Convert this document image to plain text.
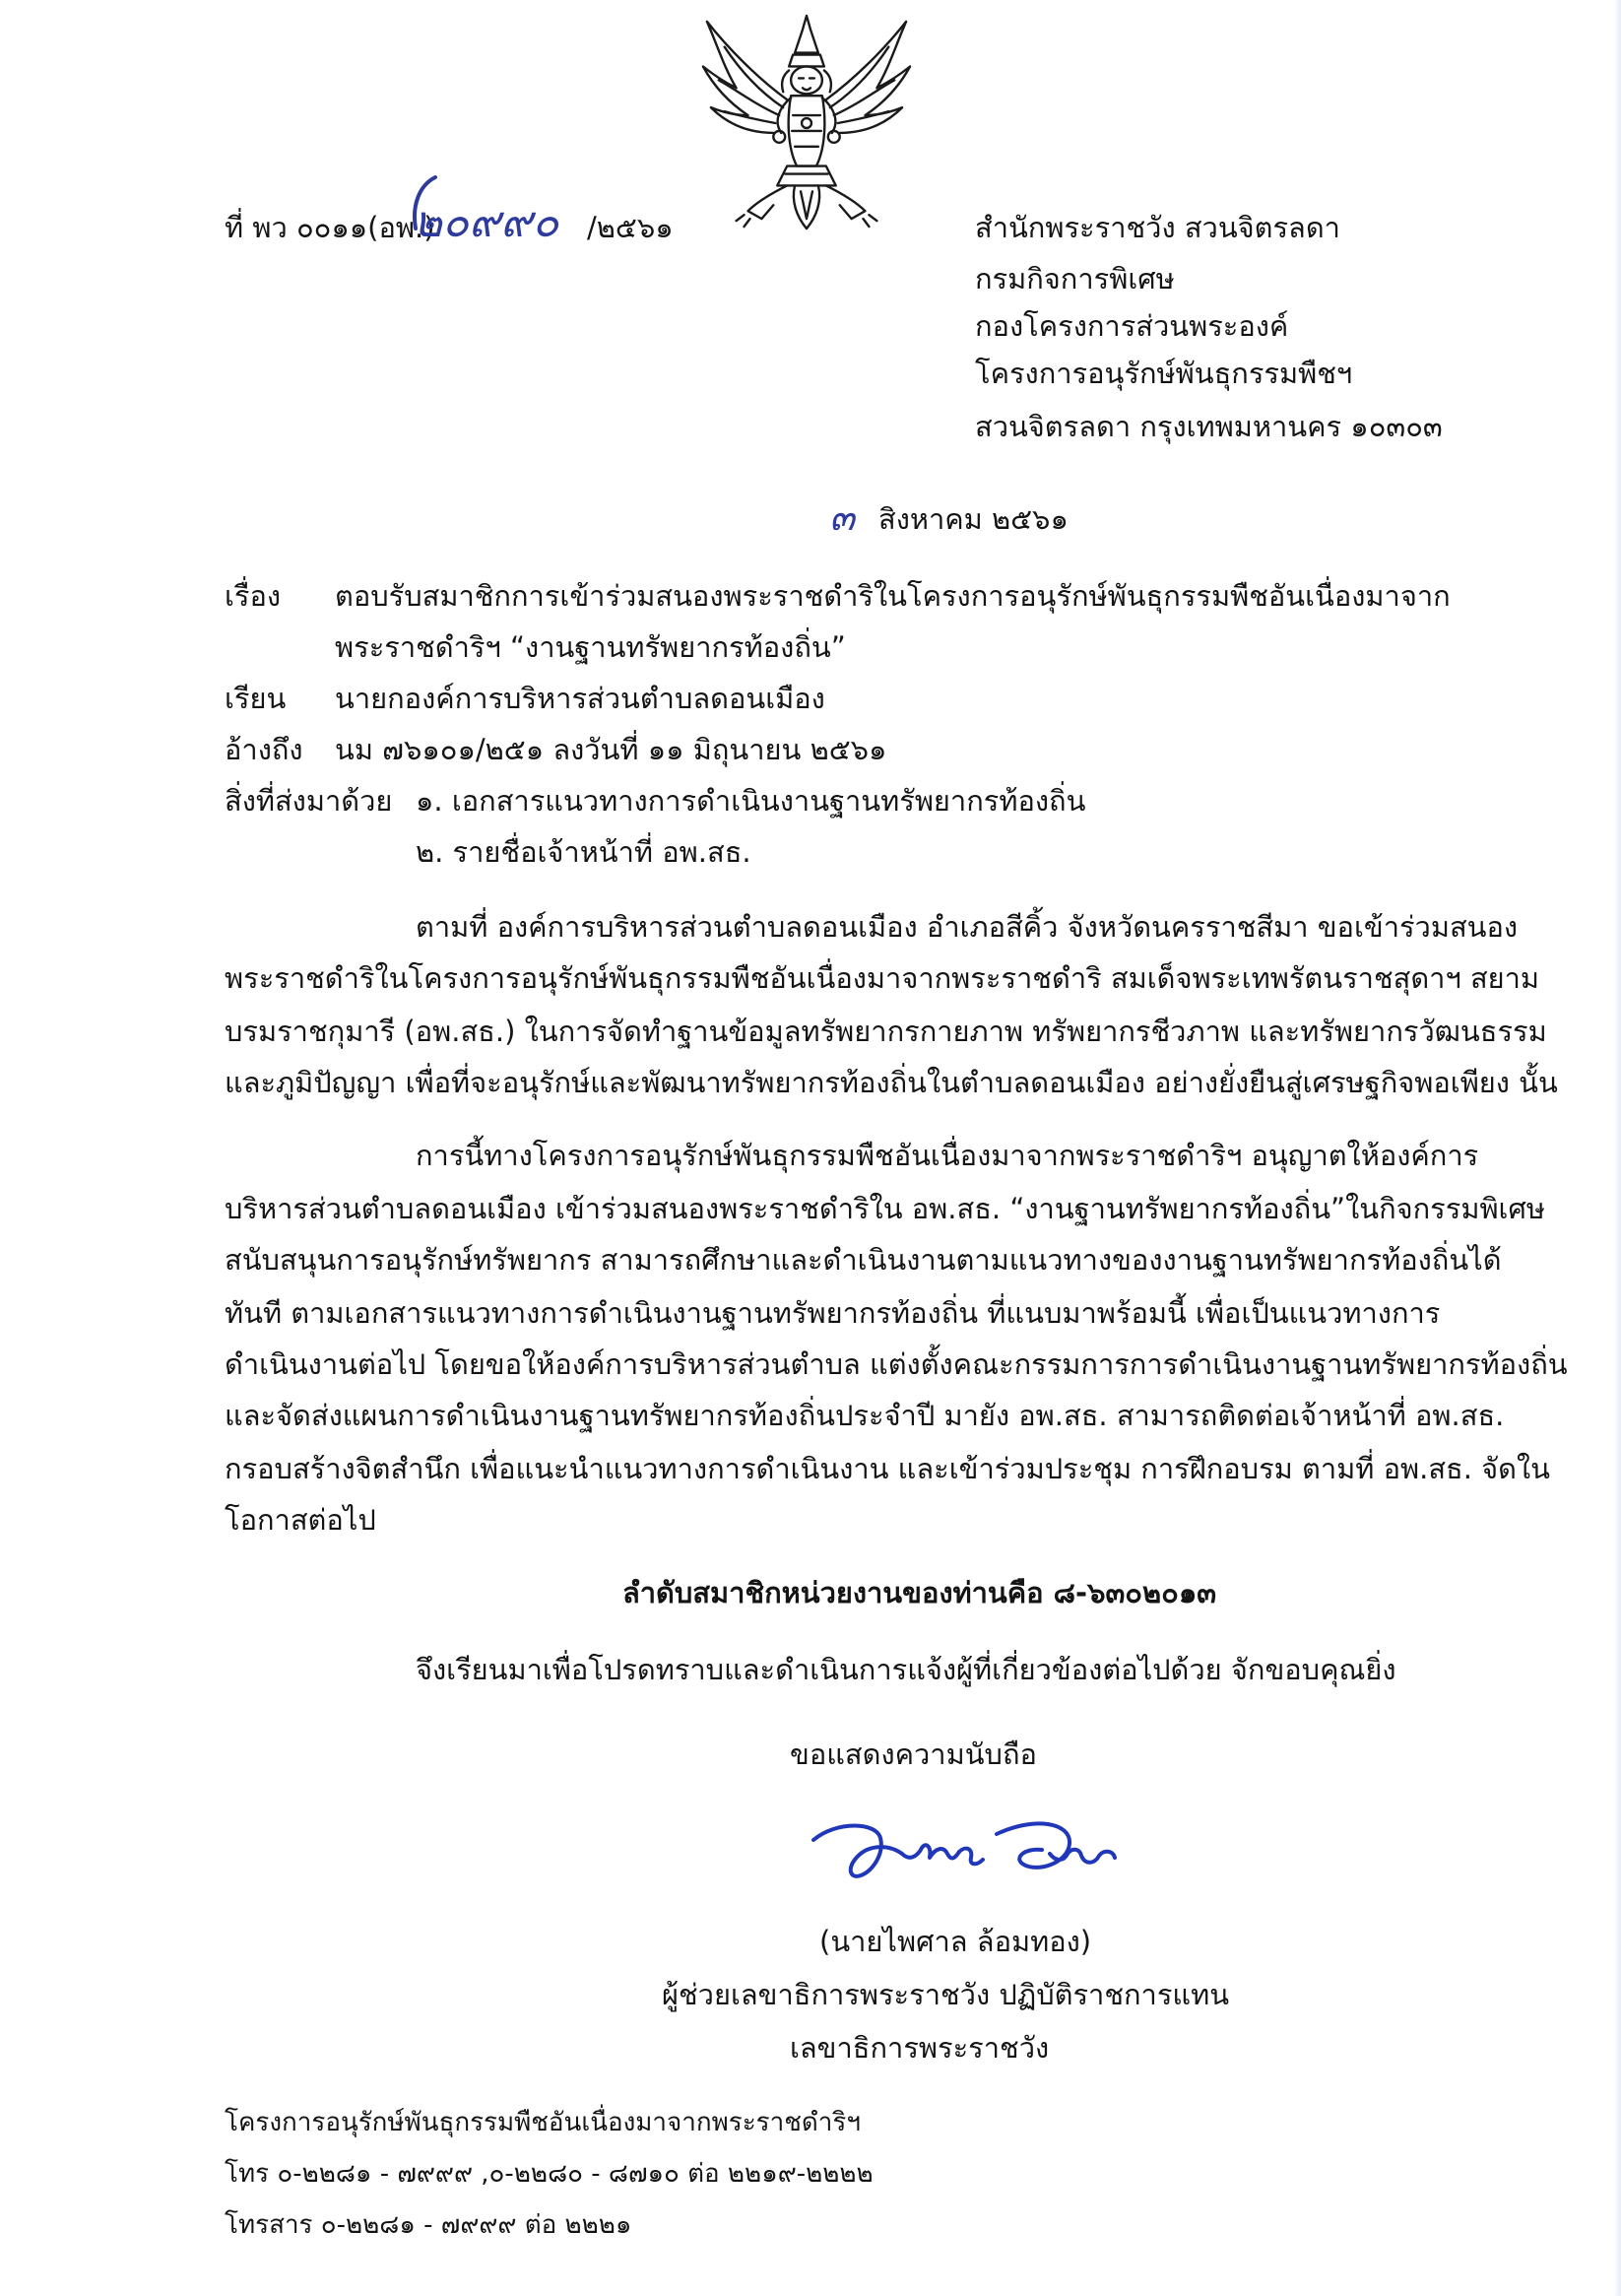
ที่ พว ๐๐๑๑(อพ.)
๒๐๙๙๐ /๒๕๖๑	สำนักพระราชวัง สวนจิตรลดา
กรมกิจการพิเศษ
กองโครงการส่วนพระองค์
โครงการอนุรักษ์พันธุกรรมพืชฯ
สวนจิตรลดา กรุงเทพมหานคร ๑๐๓๐๓
๓ สิงหาคม ๒๕๖๑
เรื่อง ตอบรับสมาชิกการเข้าร่วมสนองพระราชดำริในโครงการอนุรักษ์พันธุกรรมพืชอันเนื่องมาจาก
พระราชดำริฯ “งานฐานทรัพยากรท้องถิ่น”
เรียน นายกองค์การบริหารส่วนตำบลดอนเมือง
อ้างถึง นม ๗๖๑๐๑/๒๕๑ ลงวันที่ ๑๑ มิถุนายน ๒๕๖๑
สิ่งที่ส่งมาด้วย ๑. เอกสารแนวทางการดำเนินงานฐานทรัพยากรท้องถิ่น
๒. รายชื่อเจ้าหน้าที่ อพ.สธ.
ตามที่ องค์การบริหารส่วนตำบลดอนเมือง อำเภอสีคิ้ว จังหวัดนครราชสีมา ขอเข้าร่วมสนอง
พระราชดำริในโครงการอนุรักษ์พันธุกรรมพืชอันเนื่องมาจากพระราชดำริ สมเด็จพระเทพรัตนราชสุดาฯ สยาม
บรมราชกุมารี (อพ.สธ.) ในการจัดทำฐานข้อมูลทรัพยากรกายภาพ ทรัพยากรชีวภาพ และทรัพยากรวัฒนธรรม
และภูมิปัญญา เพื่อที่จะอนุรักษ์และพัฒนาทรัพยากรท้องถิ่นในตำบลดอนเมือง อย่างยั่งยืนสู่เศรษฐกิจพอเพียง นั้น
การนี้ทางโครงการอนุรักษ์พันธุกรรมพืชอันเนื่องมาจากพระราชดำริฯ อนุญาตให้องค์การ
บริหารส่วนตำบลดอนเมือง เข้าร่วมสนองพระราชดำริใน อพ.สธ. “งานฐานทรัพยากรท้องถิ่น”ในกิจกรรมพิเศษ
สนับสนุนการอนุรักษ์ทรัพยากร สามารถศึกษาและดำเนินงานตามแนวทางของงานฐานทรัพยากรท้องถิ่นได้
ทันที ตามเอกสารแนวทางการดำเนินงานฐานทรัพยากรท้องถิ่น ที่แนบมาพร้อมนี้ เพื่อเป็นแนวทางการ
ดำเนินงานต่อไป โดยขอให้องค์การบริหารส่วนตำบล แต่งตั้งคณะกรรมการการดำเนินงานฐานทรัพยากรท้องถิ่น
และจัดส่งแผนการดำเนินงานฐานทรัพยากรท้องถิ่นประจำปี มายัง อพ.สธ. สามารถติดต่อเจ้าหน้าที่ อพ.สธ.
กรอบสร้างจิตสำนึก เพื่อแนะนำแนวทางการดำเนินงาน และเข้าร่วมประชุม การฝึกอบรม ตามที่ อพ.สธ. จัดใน
โอกาสต่อไป
ลำดับสมาชิกหน่วยงานของท่านคือ ๘-๖๓๐๒๐๑๓
จึงเรียนมาเพื่อโปรดทราบและดำเนินการแจ้งผู้ที่เกี่ยวข้องต่อไปด้วย จักขอบคุณยิ่ง
ขอแสดงความนับถือ
(นายไพศาล ล้อมทอง)
ผู้ช่วยเลขาธิการพระราชวัง ปฏิบัติราชการแทน
เลขาธิการพระราชวัง
โครงการอนุรักษ์พันธุกรรมพืชอันเนื่องมาจากพระราชดำริฯ
โทร ๐-๒๒๘๑ - ๗๙๙๙ ,๐-๒๒๘๐ - ๘๗๑๐ ต่อ ๒๒๑๙-๒๒๒๒
โทรสาร ๐-๒๒๘๑ - ๗๙๙๙ ต่อ ๒๒๒๑
